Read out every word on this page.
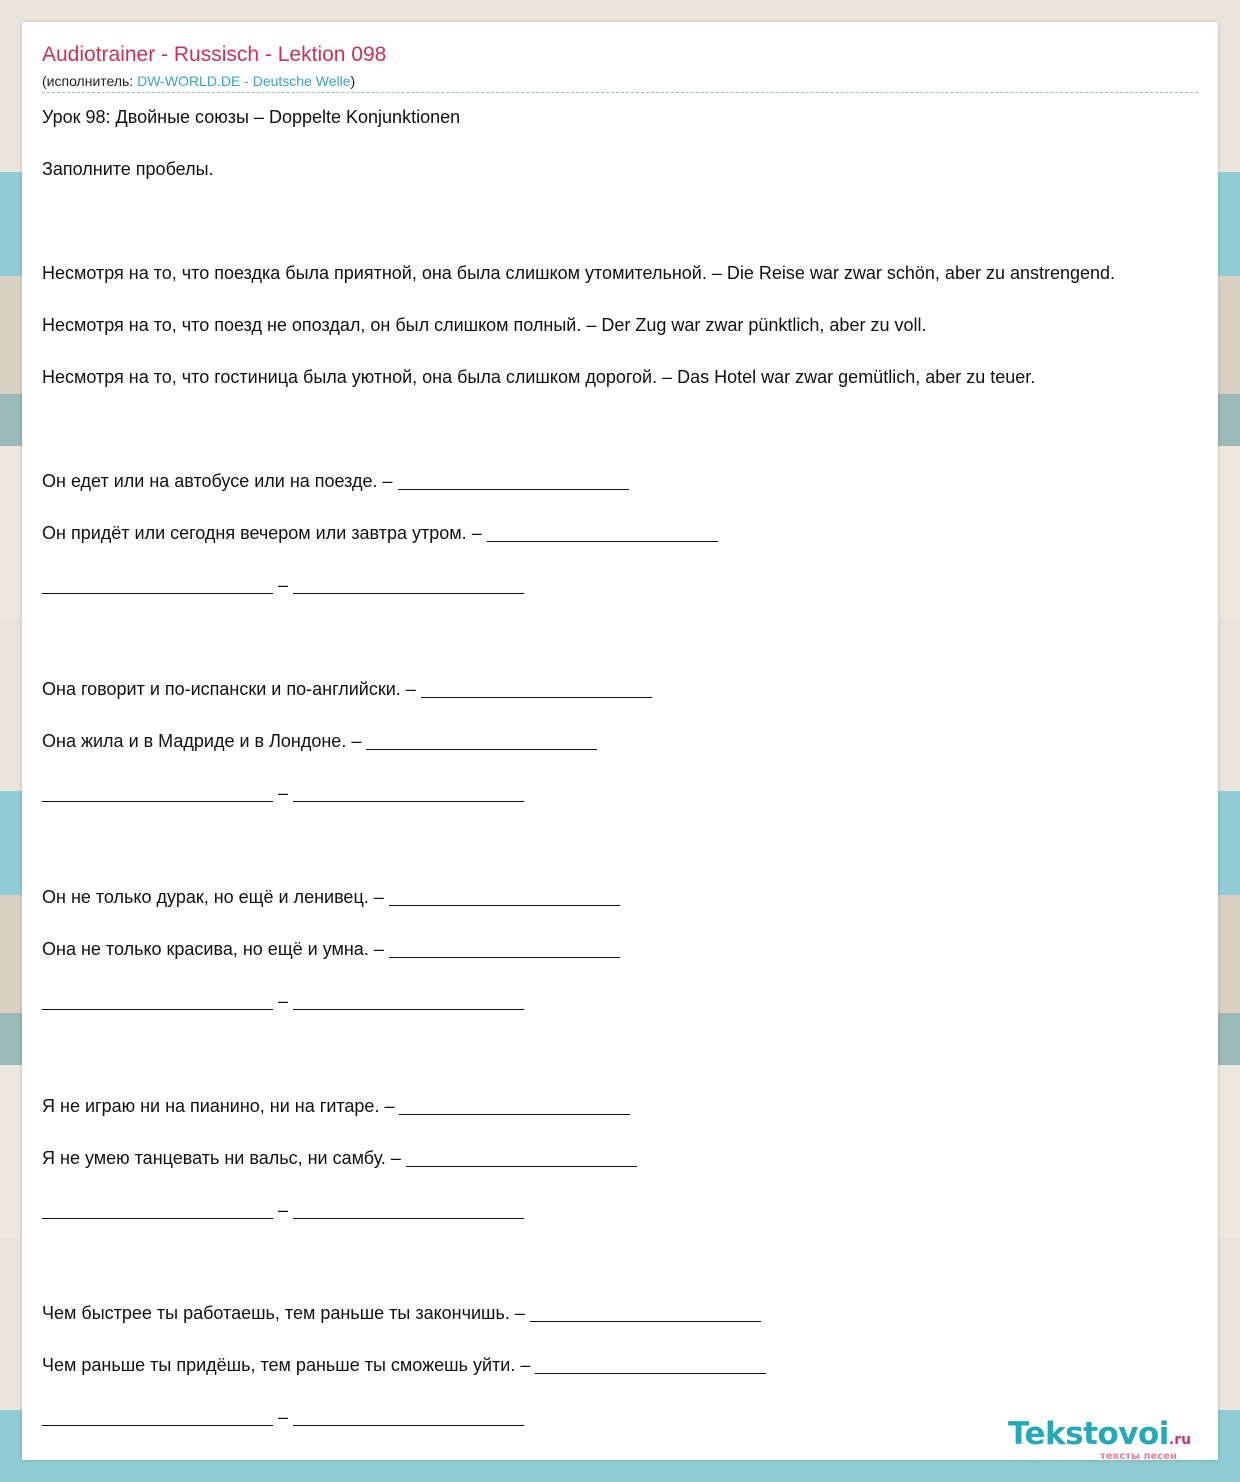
Audiotrainer - Russisch - Lektion 098
(исполнитель: DW-WORLD.DE - Deutsche Welle)
Урок 98: Двойные союзы – Doppelte Konjunktionen
Заполните пробелы.
Несмотря на то, что поездка была приятной, она была слишком утомительной. – Die Reise war zwar schön, aber zu anstrengend.
Несмотря на то, что поезд не опоздал, он был слишком полный. – Der Zug war zwar pünktlich, aber zu voll.
Несмотря на то, что гостиница была уютной, она была слишком дорогой. – Das Hotel war zwar gemütlich, aber zu teuer.
Он едет или на автобусе или на поезде. –
Он придёт или сегодня вечером или завтра утром. –
–
Она говорит и по-испански и по-английски. –
Она жила и в Мадриде и в Лондоне. –
–
Он не только дурак, но ещё и ленивец. –
Она не только красива, но ещё и умна. –
–
Я не играю ни на пианино, ни на гитаре. –
Я не умею танцевать ни вальс, ни самбу. –
–
Чем быстрее ты работаешь, тем раньше ты закончишь. –
Чем раньше ты придёшь, тем раньше ты сможешь уйти. –
–	Tekstovoi.ru
тексты песен
